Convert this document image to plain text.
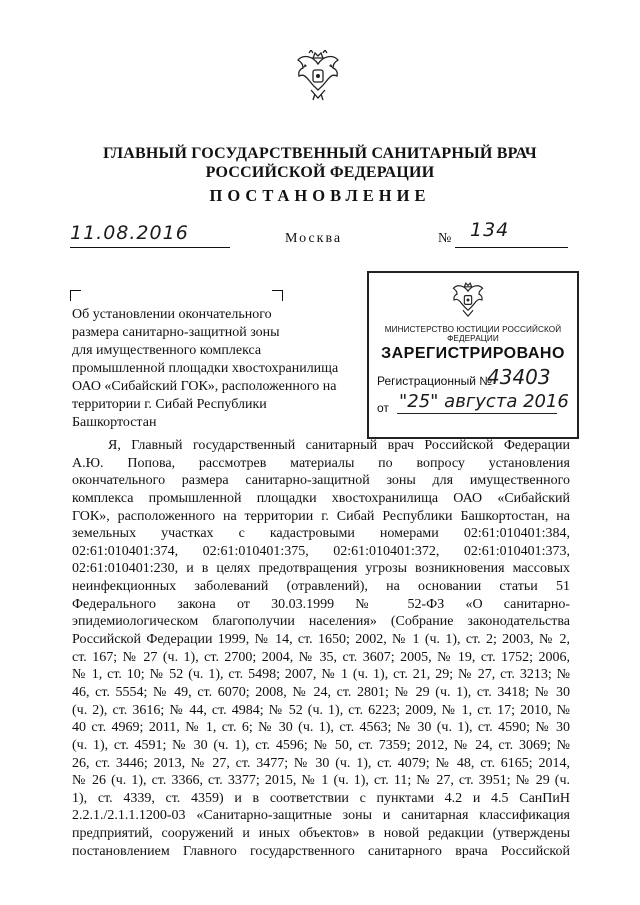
ГЛАВНЫЙ ГОСУДАРСТВЕННЫЙ САНИТАРНЫЙ ВРАЧ
РОССИЙСКОЙ ФЕДЕРАЦИИ
ПОСТАНОВЛЕНИЕ
11.08.2016	Москва	№ 134
Об установлении окончательного
размера санитарно-защитной зоны
для имущественного комплекса
промышленной площадки хвостохранилища
ОАО «Сибайский ГОК», расположенного на
территории г. Сибай Республики
Башкортостан
МИНИСТЕРСТВО ЮСТИЦИИ РОССИЙСКОЙ ФЕДЕРАЦИИ
ЗАРЕГИСТРИРОВАНО
Регистрационный №
43403
от "25" августа 2016
Я, Главный государственный санитарный врач Российской Федерации
А.Ю. Попова, рассмотрев материалы по вопросу установления
окончательного размера санитарно-защитной зоны для имущественного
комплекса промышленной площадки хвостохранилища ОАО «Сибайский
ГОК», расположенного на территории г. Сибай Республики Башкортостан, на
земельных участках с кадастровыми номерами 02:61:010401:384,
02:61:010401:374, 02:61:010401:375, 02:61:010401:372, 02:61:010401:373,
02:61:010401:230, и в целях предотвращения угрозы возникновения массовых
неинфекционных заболеваний (отравлений), на основании статьи 51
Федерального закона от 30.03.1999 № 52-ФЗ «О санитарно-
эпидемиологическом благополучии населения» (Собрание законодательства
Российской Федерации 1999, № 14, ст. 1650; 2002, № 1 (ч. 1), ст. 2; 2003, № 2,
ст. 167; № 27 (ч. 1), ст. 2700; 2004, № 35, ст. 3607; 2005, № 19, ст. 1752; 2006,
№ 1, ст. 10; № 52 (ч. 1), ст. 5498; 2007, № 1 (ч. 1), ст. 21, 29; № 27, ст. 3213; №
46, ст. 5554; № 49, ст. 6070; 2008, № 24, ст. 2801; № 29 (ч. 1), ст. 3418; № 30
(ч. 2), ст. 3616; № 44, ст. 4984; № 52 (ч. 1), ст. 6223; 2009, № 1, ст. 17; 2010, №
40 ст. 4969; 2011, № 1, ст. 6; № 30 (ч. 1), ст. 4563; № 30 (ч. 1), ст. 4590; № 30
(ч. 1), ст. 4591; № 30 (ч. 1), ст. 4596; № 50, ст. 7359; 2012, № 24, ст. 3069; №
26, ст. 3446; 2013, № 27, ст. 3477; № 30 (ч. 1), ст. 4079; № 48, ст. 6165; 2014,
№ 26 (ч. 1), ст. 3366, ст. 3377; 2015, № 1 (ч. 1), ст. 11; № 27, ст. 3951; № 29 (ч.
1), ст. 4339, ст. 4359) и в соответствии с пунктами 4.2 и 4.5 СанПиН
2.2.1./2.1.1.1200-03 «Санитарно-защитные зоны и санитарная классификация
предприятий, сооружений и иных объектов» в новой редакции (утверждены
постановлением Главного государственного санитарного врача Российской
